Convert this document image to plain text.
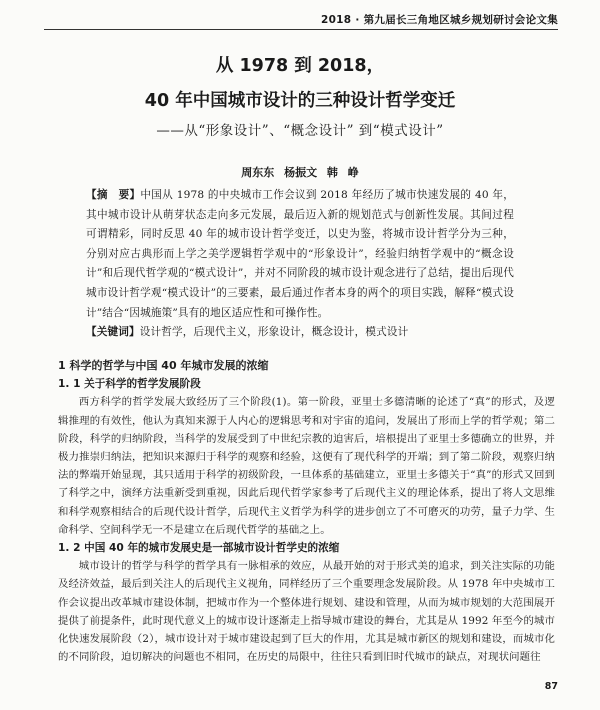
2018 · 第九届长三角地区城乡规划研讨会论文集
从 1978 到 2018，
40 年中国城市设计的三种设计哲学变迁
——从“形象设计”、“概念设计” 到“模式设计”
周东东 杨振文 韩 峥
【摘　要】中国从 1978 的中央城市工作会议到 2018 年经历了城市快速发展的 40 年，其中城市设计从萌芽状态走向多元发展，最后迈入新的规划范式与创新性发展。其间过程可谓精彩，同时反思 40 年的城市设计哲学变迁，以史为鉴，将城市设计哲学分为三种，分别对应古典形而上学之美学逻辑哲学观中的“形象设计”，经验归纳哲学观中的“概念设计”和后现代哲学观的“模式设计”，并对不同阶段的城市设计观念进行了总结，提出后现代城市设计哲学观“模式设计”的三要素，最后通过作者本身的两个的项目实践，解释“模式设计”结合“因城施策”具有的地区适应性和可操作性。
【关键词】设计哲学，后现代主义，形象设计，概念设计，模式设计
1 科学的哲学与中国 40 年城市发展的浓缩
1. 1 关于科学的哲学发展阶段

西方科学的哲学发展大致经历了三个阶段(1)。第一阶段，亚里士多德清晰的论述了“真”的形式，及逻辑推理的有效性，他认为真知来源于人内心的逻辑思考和对宇宙的追问，发展出了形而上学的哲学观；第二阶段，科学的归纳阶段，当科学的发展受到了中世纪宗教的迫害后，培根提出了亚里士多德确立的世界，并极力推崇归纳法，把知识来源归于科学的观察和经验，这便有了现代科学的开端；到了第二阶段，观察归纳法的弊端开始显现，其只适用于科学的初级阶段，一旦体系的基础建立，亚里士多德关于“真”的形式又回到了科学之中，演绎方法重新受到重视，因此后现代哲学家参考了后现代主义的理论体系，提出了将人文思维和科学观察相结合的后现代设计哲学，后现代主义哲学为科学的进步创立了不可磨灭的功劳，量子力学、生命科学、空间科学无一不是建立在后现代哲学的基础之上。

1. 2 中国 40 年的城市发展史是一部城市设计哲学史的浓缩

城市设计的哲学与科学的哲学具有一脉相承的效应，从最开始的对于形式美的追求，到关注实际的功能及经济效益，最后到关注人的后现代主义视角，同样经历了三个重要理念发展阶段。从 1978 年中央城市工作会议提出改革城市建设体制，把城市作为一个整体进行规划、建设和管理，从而为城市规划的大范围展开提供了前提条件，此时现代意义上的城市设计逐渐走上指导城市建设的舞台，尤其是从 1992 年至今的城市化快速发展阶段（2），城市设计对于城市建设起到了巨大的作用，尤其是城市新区的规划和建设，而城市化的不同阶段，迫切解决的问题也不相同，在历史的局限中，往往只看到旧时代城市的缺点，对现状问题往

87
